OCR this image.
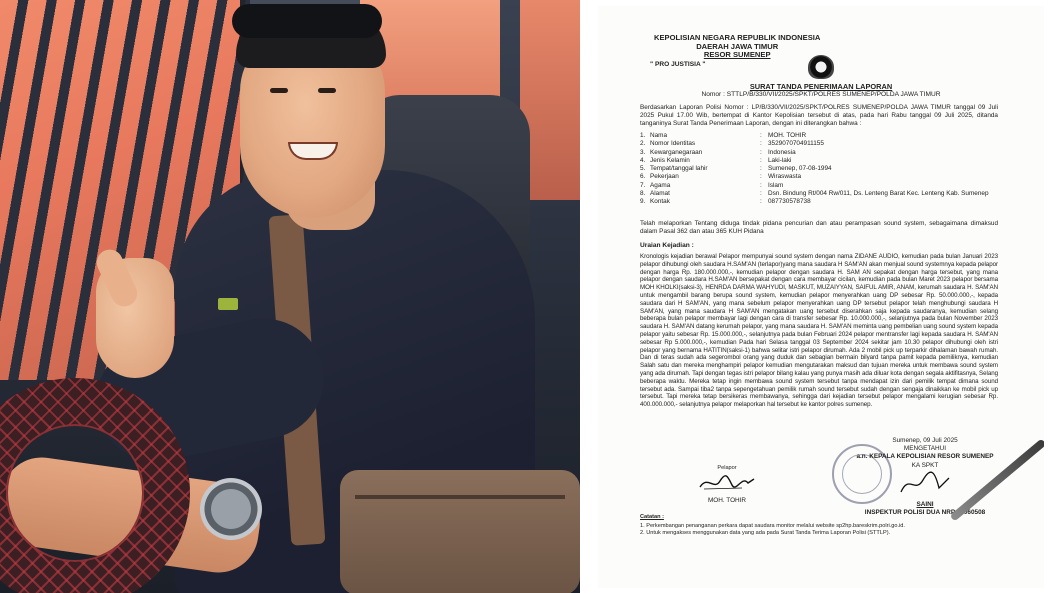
KEPOLISIAN NEGARA REPUBLIK INDONESIA
DAERAH JAWA TIMUR
RESOR SUMENEP
" PRO JUSTISIA "
SURAT TANDA PENERIMAAN LAPORAN
Nomor : STTLP/B/330/VII/2025/SPKT/POLRES SUMENEP/POLDA JAWA TIMUR
Berdasarkan Laporan Polisi Nomor : LP/B/330/VII/2025/SPKT/POLRES SUMENEP/POLDA JAWA TIMUR tanggal 09 Juli 2025 Pukul 17.00 Wib, bertempat di Kantor Kepolisian tersebut di atas, pada hari Rabu tanggal 09 Juli 2025, ditanda tanganinya Surat Tanda Penerimaan Laporan, dengan ini diterangkan bahwa :
1. Nama	: MOH. TOHIR
2. Nomor Identitas	: 3529070704911155
3. Kewarganegaraan	: Indonesia
4. Jenis Kelamin	: Laki-laki
5. Tempat/tanggal lahir	: Sumenep, 07-08-1994
6. Pekerjaan	: Wiraswasta
7. Agama	: Islam
8. Alamat	: Dsn. Bindung Rt/004 Rw/011, Ds. Lenteng Barat Kec. Lenteng Kab. Sumenep
9. Kontak	: 087730578738
Telah melaporkan Tentang diduga tindak pidana pencurian dan atau perampasan sound system, sebagaimana dimaksud dalam Pasal 362 dan atau 365 KUH Pidana
Uraian Kejadian :
Kronologis kejadian berawal Pelapor mempunyai sound system dengan nama ZIDANE AUDIO, kemudian pada bulan Januari 2023 pelapor dihubungi oleh saudara H.SAM'AN (terlapor)yang mana saudara H SAM'AN akan menjual sound systemnya kepada pelapor dengan harga Rp. 180.000.000,-, kemudian pelapor dengan saudara H. SAM AN sepakat dengan harga tersebut, yang mana pelapor dengan saudara H.SAM'AN bersepakat dengan cara membayar cicilan, kemudian pada bulan Maret 2023 pelapor bersama MOH KHOLKI(saksi-3), HENRDA DARMA WAHYUDI, MASKUT, MUZAIYYAN, SAIFUL AMIR, ANAM, kerumah saudara H. SAM'AN untuk mengambil barang berupa sound system, kemudian pelapor menyerahkan uang DP sebesar Rp. 50.000.000,-, kepada saudara dari H SAM'AN, yang mana sebelum pelapor menyerahkan uang DP tersebut pelapor telah menghubungi saudara H SAM'AN, yang mana saudara H SAM'AN mengatakan uang tersebut diserahkan saja kepada saudaranya, kemudian selang beberapa bulan pelapor membayar lagi dengan cara di transfer sebesar Rp. 10.000.000,-, selanjutnya pada bulan November 2023 saudara H. SAM'AN datang kerumah pelapor, yang mana saudara H. SAM'AN meminta uang pembelian uang sound system kepada pelapor yaitu sebesar Rp. 15.000.000,-, selanjutnya pada bulan Februari 2024 pelapor mentransfer lagi kepada saudara H. SAM'AN sebesar Rp 5.000.000,-, kemudian Pada hari Selasa tanggal 03 September 2024 sekitar jam 10.30 pelapor dihubungi oleh istri pelapor yang bernama HATITIN(saksi-1) bahwa selitar istri pelapor dirumah. Ada 2 mobil pick up terparkir dihalaman bawah rumah. Dan di teras sudah ada segerombol orang yang duduk dan sebagian bermain bilyard tanpa pamit kepada pemiliknya, kemudian Salah satu dan mereka menghampiri pelapor kemudian mengutarakan maksud dan tujuan mereka untuk membawa sound system yang ada dirumah. Tapi dengan tegas istri pelapor bilang kalau yang punya masih ada diluar kota dengan segala aktifitasnya, Selang beberapa waktu. Mereka tetap ingin membawa sound system tersebut tanpa mendapat izin dari pemilik tempat dimana sound tersebut ada. Sampai tiba2 tanpa sepengetahuan pemilik rumah sound tersebut sudah dengan sengaja dinaikkan ke mobil pick up tersebut. Tapi mereka tetap bersikeras membawanya, sehingga dari kejadian tersebut pelapor mengalami kerugian sebesar Rp. 400.000.000,- selanjutnya pelapor melaporkan hal tersebut ke kantor polres sumenep.
Pelapor
MOH. TOHIR
Sumenep, 09 Juli 2025
MENGETAHUI
a.n. KEPALA KEPOLISIAN RESOR SUMENEP
KA SPKT
SAINI
INSPEKTUR POLISI DUA NRP 73060508
Catatan :
1. Perkembangan penanganan perkara dapat saudara monitor melalui website sp2hp.bareskrim.polri.go.id.
2. Untuk mengakses menggunakan data yang ada pada Surat Tanda Terima Laporan Polisi (STTLP).
